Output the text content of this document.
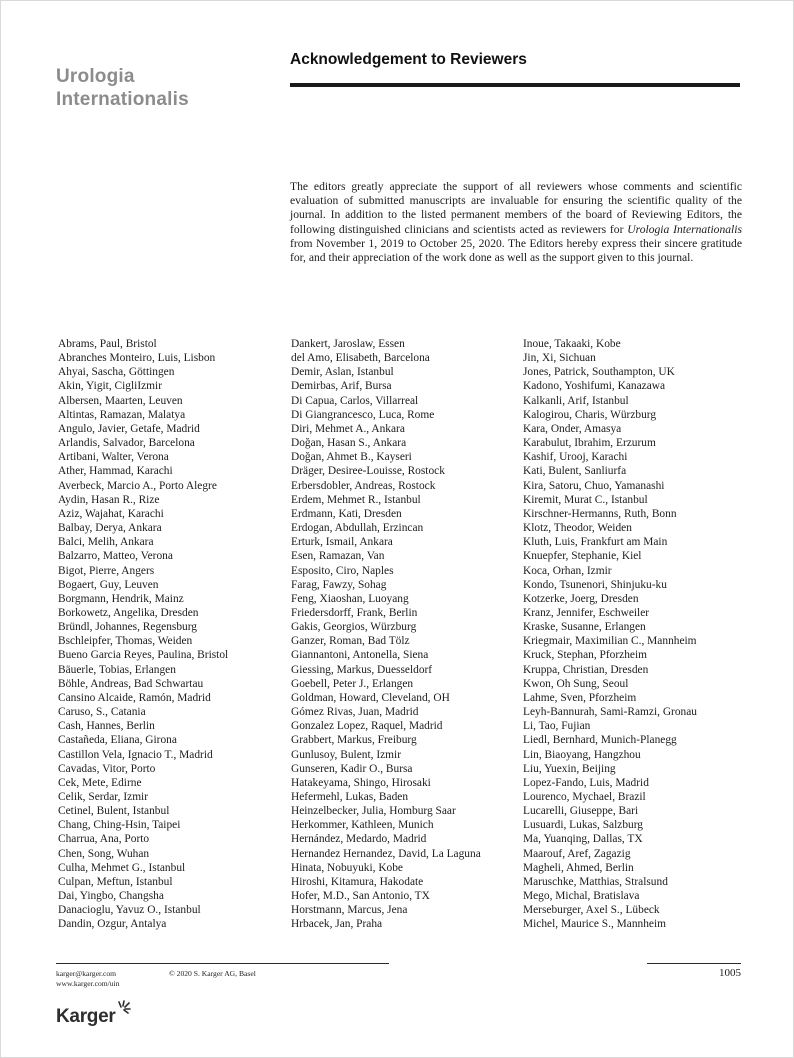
Urologia
Internationalis
Acknowledgement to Reviewers

The editors greatly appreciate the support of all reviewers whose comments and scientific evaluation of submitted manuscripts are invaluable for ensuring the scientific quality of the journal. In addition to the listed permanent members of the board of Reviewing Editors, the following distinguished clinicians and scientists acted as reviewers for Urologia Internationalis from November 1, 2019 to October 25, 2020. The Editors hereby express their sincere gratitude for, and their appreciation of the work done as well as the support given to this journal.

Abrams, Paul, Bristol
Abranches Monteiro, Luis, Lisbon
Ahyai, Sascha, Göttingen
Akin, Yigit, CigliIzmir
Albersen, Maarten, Leuven
Altintas, Ramazan, Malatya
Angulo, Javier, Getafe, Madrid
Arlandis, Salvador, Barcelona
Artibani, Walter, Verona
Ather, Hammad, Karachi
Averbeck, Marcio A., Porto Alegre
Aydin, Hasan R., Rize
Aziz, Wajahat, Karachi
Balbay, Derya, Ankara
Balci, Melih, Ankara
Balzarro, Matteo, Verona
Bigot, Pierre, Angers
Bogaert, Guy, Leuven
Borgmann, Hendrik, Mainz
Borkowetz, Angelika, Dresden
Bründl, Johannes, Regensburg
Bschleipfer, Thomas, Weiden
Bueno Garcia Reyes, Paulina, Bristol
Bäuerle, Tobias, Erlangen
Böhle, Andreas, Bad Schwartau
Cansino Alcaide, Ramón, Madrid
Caruso, S., Catania
Cash, Hannes, Berlin
Castañeda, Eliana, Girona
Castillon Vela, Ignacio T., Madrid
Cavadas, Vitor, Porto
Cek, Mete, Edirne
Celik, Serdar, Izmir
Cetinel, Bulent, Istanbul
Chang, Ching-Hsin, Taipei
Charrua, Ana, Porto
Chen, Song, Wuhan
Culha, Mehmet G., Istanbul
Culpan, Meftun, Istanbul
Dai, Yingbo, Changsha
Danacioglu, Yavuz O., Istanbul
Dandin, Ozgur, Antalya
Dankert, Jaroslaw, Essen
del Amo, Elisabeth, Barcelona
Demir, Aslan, Istanbul
Demirbas, Arif, Bursa
Di Capua, Carlos, Villarreal
Di Giangrancesco, Luca, Rome
Diri, Mehmet A., Ankara
Doğan, Hasan S., Ankara
Doğan, Ahmet B., Kayseri
Dräger, Desiree-Louisse, Rostock
Erbersdobler, Andreas, Rostock
Erdem, Mehmet R., Istanbul
Erdmann, Kati, Dresden
Erdogan, Abdullah, Erzincan
Erturk, Ismail, Ankara
Esen, Ramazan, Van
Esposito, Ciro, Naples
Farag, Fawzy, Sohag
Feng, Xiaoshan, Luoyang
Friedersdorff, Frank, Berlin
Gakis, Georgios, Würzburg
Ganzer, Roman, Bad Tölz
Giannantoni, Antonella, Siena
Giessing, Markus, Duesseldorf
Goebell, Peter J., Erlangen
Goldman, Howard, Cleveland, OH
Gómez Rivas, Juan, Madrid
Gonzalez Lopez, Raquel, Madrid
Grabbert, Markus, Freiburg
Gunlusoy, Bulent, Izmir
Gunseren, Kadir O., Bursa
Hatakeyama, Shingo, Hirosaki
Hefermehl, Lukas, Baden
Heinzelbecker, Julia, Homburg Saar
Herkommer, Kathleen, Munich
Hernández, Medardo, Madrid
Hernandez Hernandez, David, La Laguna
Hinata, Nobuyuki, Kobe
Hiroshi, Kitamura, Hakodate
Hofer, M.D., San Antonio, TX
Horstmann, Marcus, Jena
Hrbacek, Jan, Praha
Inoue, Takaaki, Kobe
Jin, Xi, Sichuan
Jones, Patrick, Southampton, UK
Kadono, Yoshifumi, Kanazawa
Kalkanli, Arif, Istanbul
Kalogirou, Charis, Würzburg
Kara, Onder, Amasya
Karabulut, Ibrahim, Erzurum
Kashif, Urooj, Karachi
Kati, Bulent, Sanliurfa
Kira, Satoru, Chuo, Yamanashi
Kiremit, Murat C., Istanbul
Kirschner-Hermanns, Ruth, Bonn
Klotz, Theodor, Weiden
Kluth, Luis, Frankfurt am Main
Knuepfer, Stephanie, Kiel
Koca, Orhan, Izmir
Kondo, Tsunenori, Shinjuku-ku
Kotzerke, Joerg, Dresden
Kranz, Jennifer, Eschweiler
Kraske, Susanne, Erlangen
Kriegmair, Maximilian C., Mannheim
Kruck, Stephan, Pforzheim
Kruppa, Christian, Dresden
Kwon, Oh Sung, Seoul
Lahme, Sven, Pforzheim
Leyh-Bannurah, Sami-Ramzi, Gronau
Li, Tao, Fujian
Liedl, Bernhard, Munich-Planegg
Lin, Biaoyang, Hangzhou
Liu, Yuexin, Beijing
Lopez-Fando, Luis, Madrid
Lourenco, Mychael, Brazil
Lucarelli, Giuseppe, Bari
Lusuardi, Lukas, Salzburg
Ma, Yuanqing, Dallas, TX
Maarouf, Aref, Zagazig
Magheli, Ahmed, Berlin
Maruschke, Matthias, Stralsund
Mego, Michal, Bratislava
Merseburger, Axel S., Lübeck
Michel, Maurice S., Mannheim
karger@karger.com
www.karger.com/uin
© 2020 S. Karger AG, Basel	1005
Karger
